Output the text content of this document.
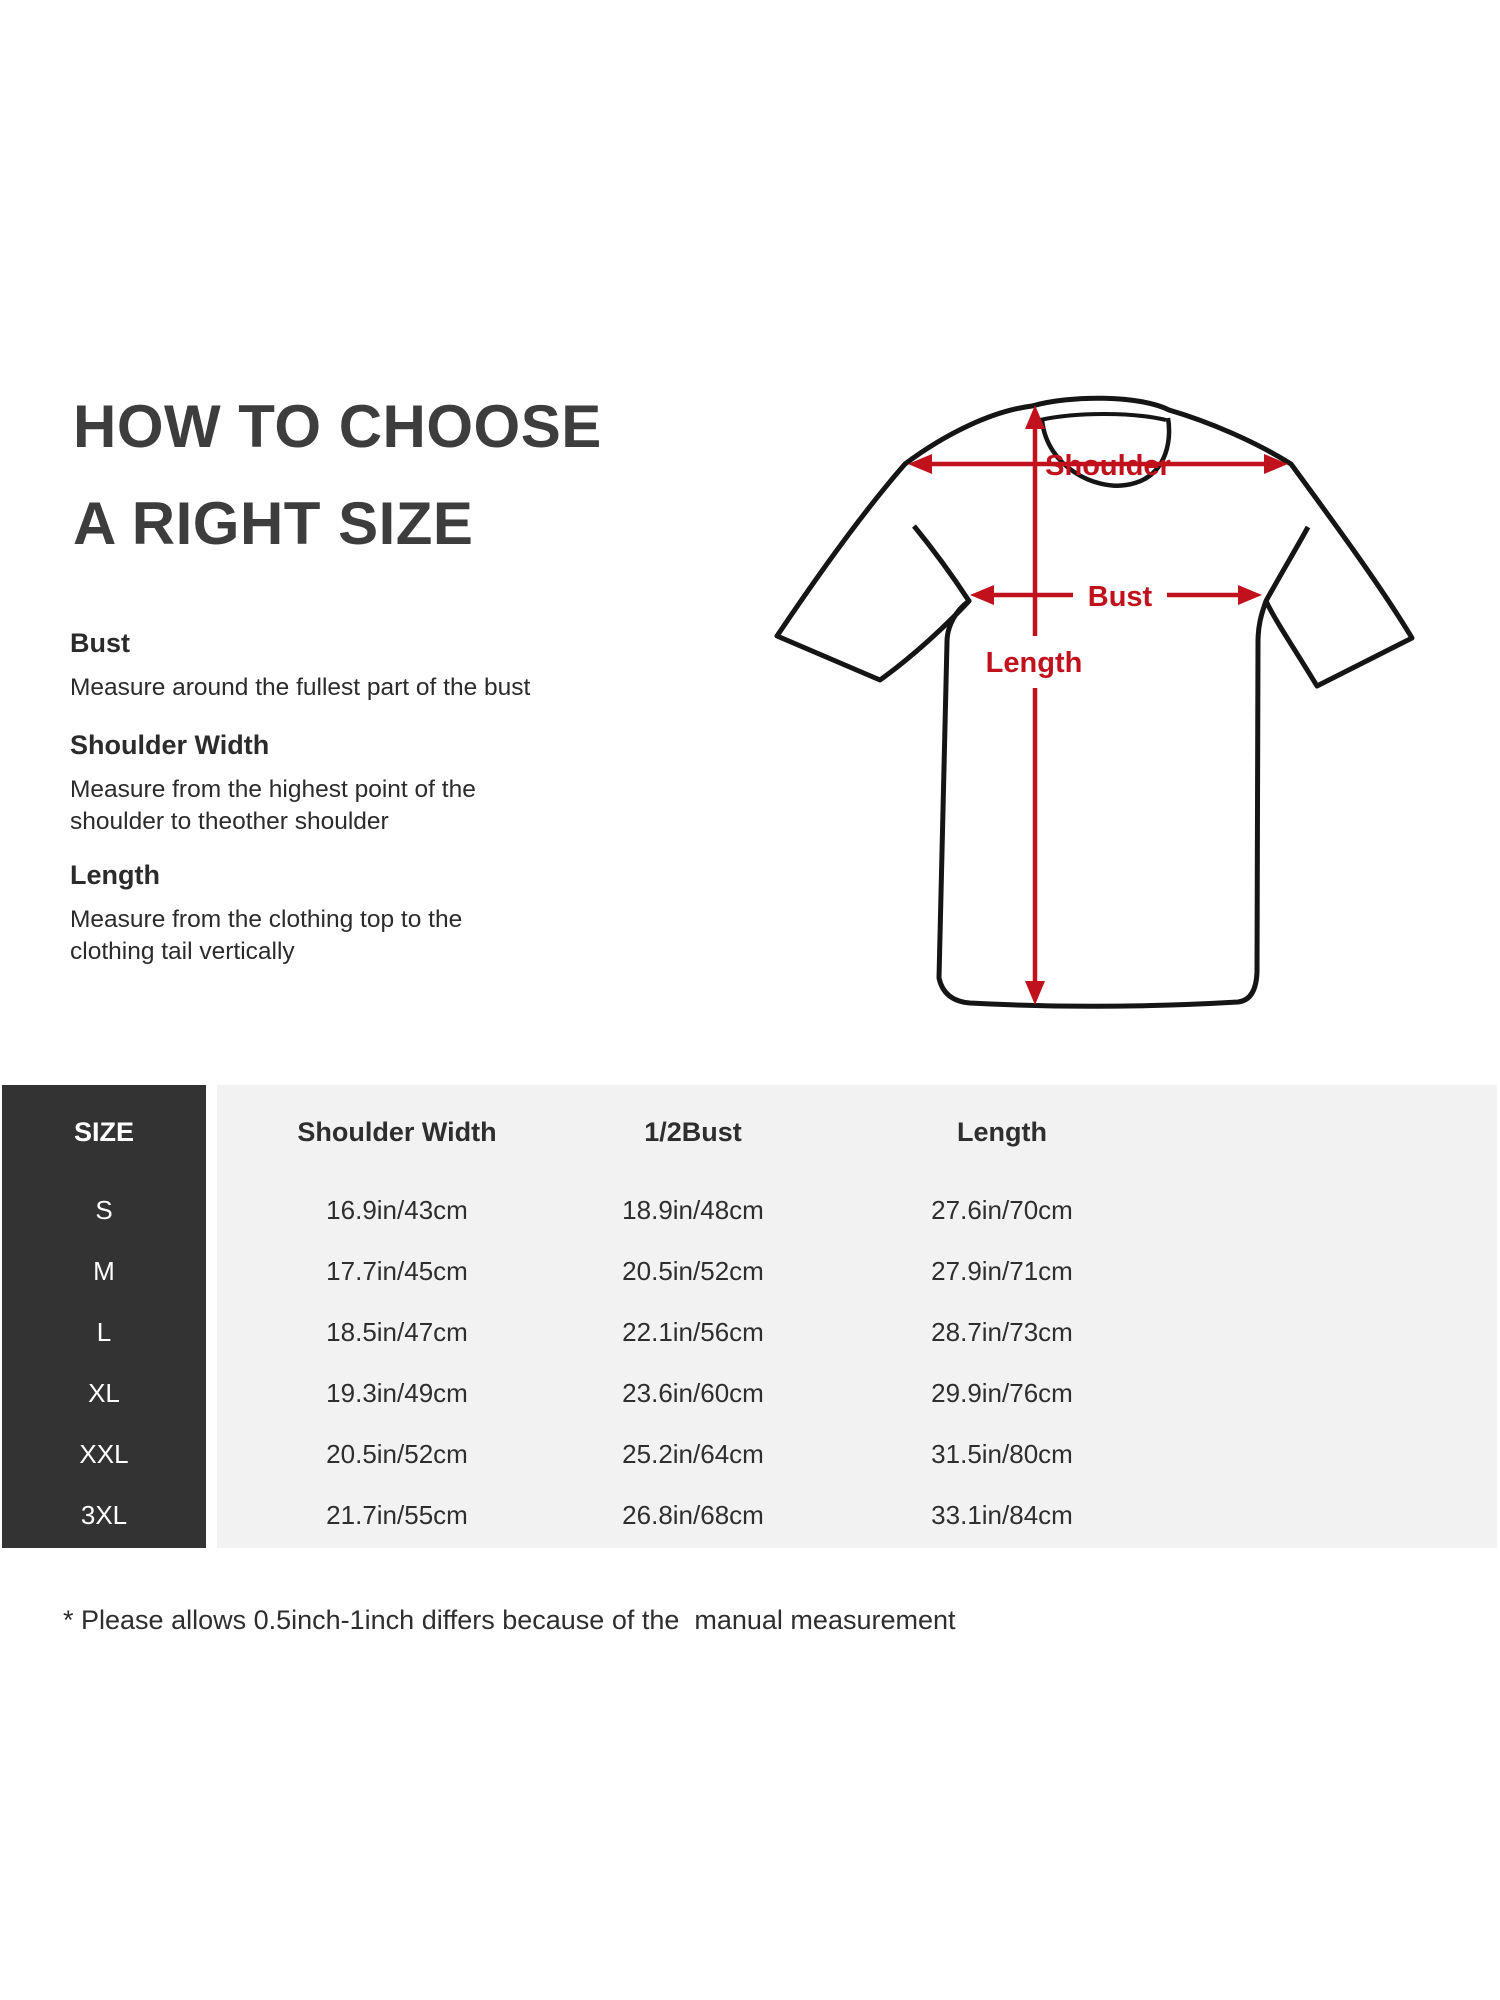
HOW TO CHOOSE
A RIGHT SIZE
Bust

Measure around the fullest part of the bust

Shoulder Width

Measure from the highest point of the
shoulder to theother shoulder

Length

Measure from the clothing top to the
clothing tail vertically

Shoulder
Bust
Length
SIZE	Shoulder Width	1/2Bust	Length
S	16.9in/43cm	18.9in/48cm	27.6in/70cm
M	17.7in/45cm	20.5in/52cm	27.9in/71cm
L	18.5in/47cm	22.1in/56cm	28.7in/73cm
XL	19.3in/49cm	23.6in/60cm	29.9in/76cm
XXL	20.5in/52cm	25.2in/64cm	31.5in/80cm
3XL	21.7in/55cm	26.8in/68cm	33.1in/84cm
* Please allows 0.5inch-1inch differs because of the  manual measurement
